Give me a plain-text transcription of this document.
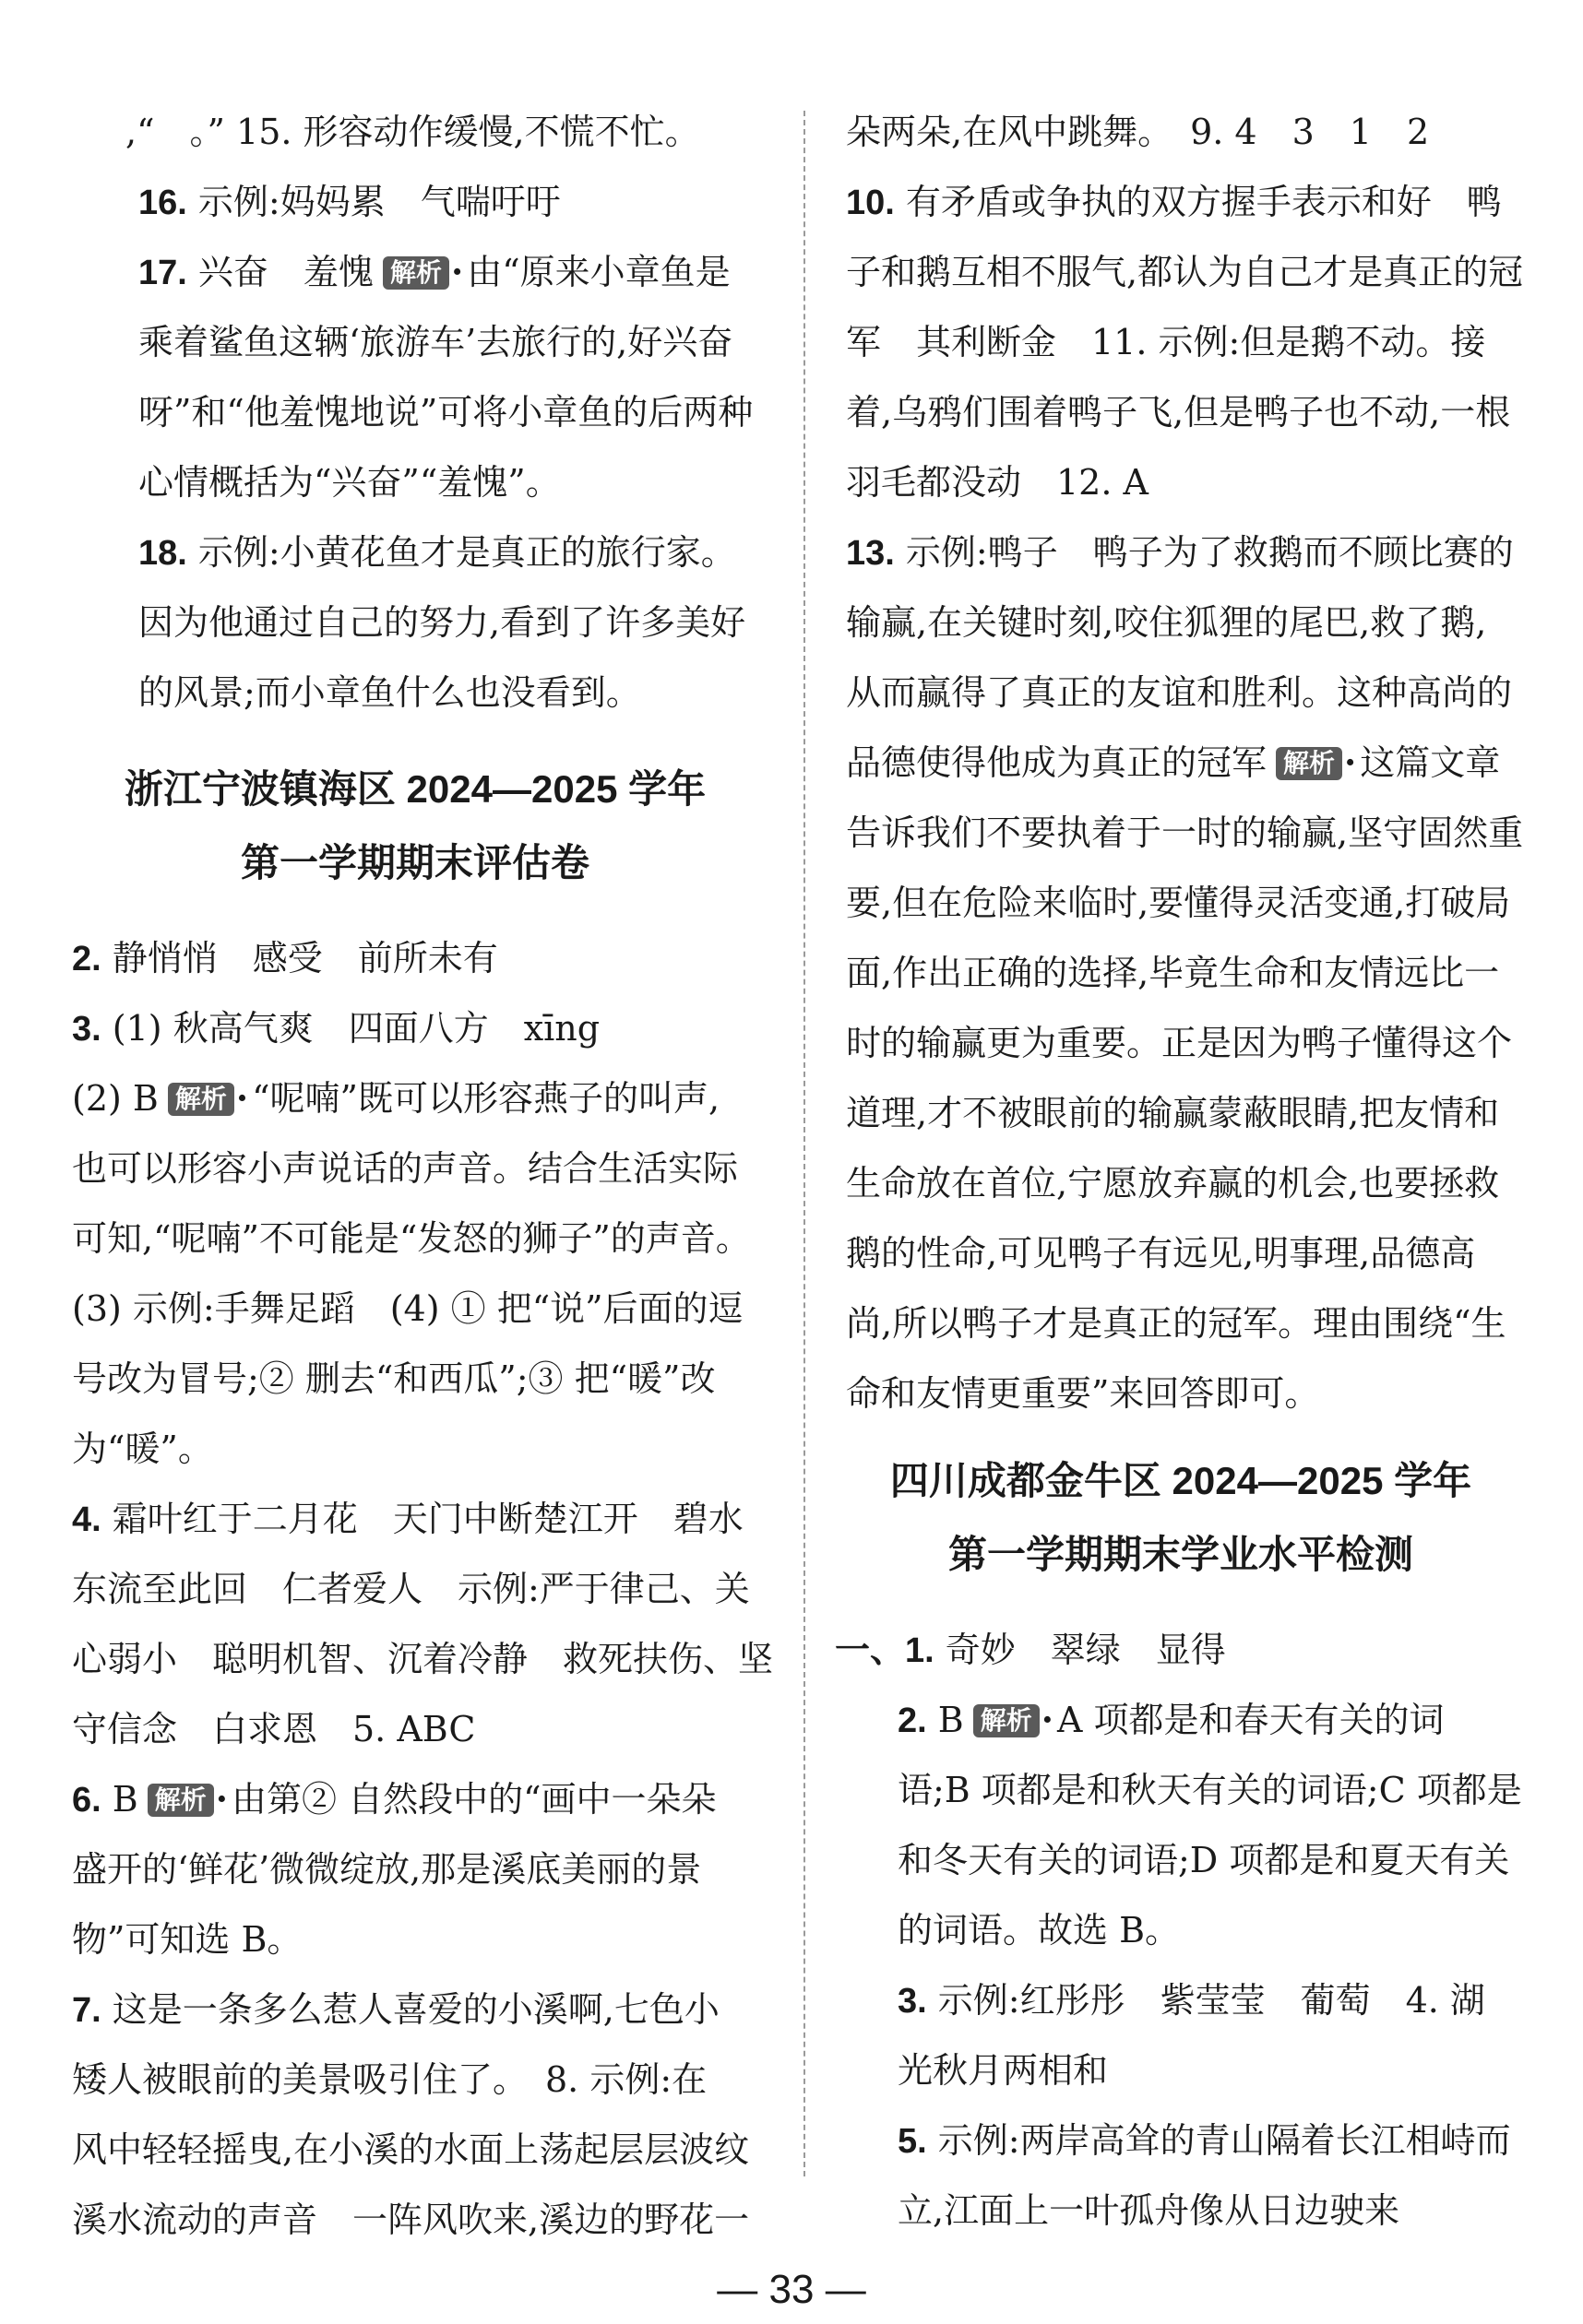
,“　。” 15. 形容动作缓慢,不慌不忙。
16. 示例:妈妈累　气喘吁吁
17. 兴奋　羞愧 解析 · 由“原来小章鱼是
乘着鲨鱼这辆‘旅游车’去旅行的,好兴奋
呀”和“他羞愧地说”可将小章鱼的后两种
心情概括为“兴奋”“羞愧”。
18. 示例:小黄花鱼才是真正的旅行家。
因为他通过自己的努力,看到了许多美好
的风景;而小章鱼什么也没看到。
2. 静悄悄　感受　前所未有
3. (1) 秋高气爽　四面八方　xīng
(2) B 解析 · “呢喃”既可以形容燕子的叫声,
也可以形容小声说话的声音。结合生活实际
可知,“呢喃”不可能是“发怒的狮子”的声音。
(3) 示例:手舞足蹈　(4) ① 把“说”后面的逗
号改为冒号;② 删去“和西瓜”;③ 把“暖”改
为“暖”。
4. 霜叶红于二月花　天门中断楚江开　碧水
东流至此回　仁者爱人　示例:严于律己、关
心弱小　聪明机智、沉着冷静　救死扶伤、坚
守信念　白求恩　5. ABC
6. B 解析 · 由第② 自然段中的“画中一朵朵
盛开的‘鲜花’微微绽放,那是溪底美丽的景
物”可知选 B。
7. 这是一条多么惹人喜爱的小溪啊,七色小
矮人被眼前的美景吸引住了。　8. 示例:在
风中轻轻摇曳,在小溪的水面上荡起层层波纹
溪水流动的声音　一阵风吹来,溪边的野花一
浙江宁波镇海区 2024—2025 学年
第一学期期末评估卷
朵两朵,在风中跳舞。　9. 4　3　1　2
10. 有矛盾或争执的双方握手表示和好　鸭
子和鹅互相不服气,都认为自己才是真正的冠
军　其利断金　11. 示例:但是鹅不动。接
着,乌鸦们围着鸭子飞,但是鸭子也不动,一根
羽毛都没动　12. A
13. 示例:鸭子　鸭子为了救鹅而不顾比赛的
输赢,在关键时刻,咬住狐狸的尾巴,救了鹅,
从而赢得了真正的友谊和胜利。这种高尚的
品德使得他成为真正的冠军 解析 · 这篇文章
告诉我们不要执着于一时的输赢,坚守固然重
要,但在危险来临时,要懂得灵活变通,打破局
面,作出正确的选择,毕竟生命和友情远比一
时的输赢更为重要。正是因为鸭子懂得这个
道理,才不被眼前的输赢蒙蔽眼睛,把友情和
生命放在首位,宁愿放弃赢的机会,也要拯救
鹅的性命,可见鸭子有远见,明事理,品德高
尚,所以鸭子才是真正的冠军。理由围绕“生
命和友情更重要”来回答即可。
一、1. 奇妙　翠绿　显得
2. B 解析 · A 项都是和春天有关的词
语;B 项都是和秋天有关的词语;C 项都是
和冬天有关的词语;D 项都是和夏天有关
的词语。故选 B。
3. 示例:红彤彤　紫莹莹　葡萄　4. 湖
光秋月两相和
5. 示例:两岸高耸的青山隔着长江相峙而
立,江面上一叶孤舟像从日边驶来
四川成都金牛区 2024—2025 学年
第一学期期末学业水平检测
— 33 —
